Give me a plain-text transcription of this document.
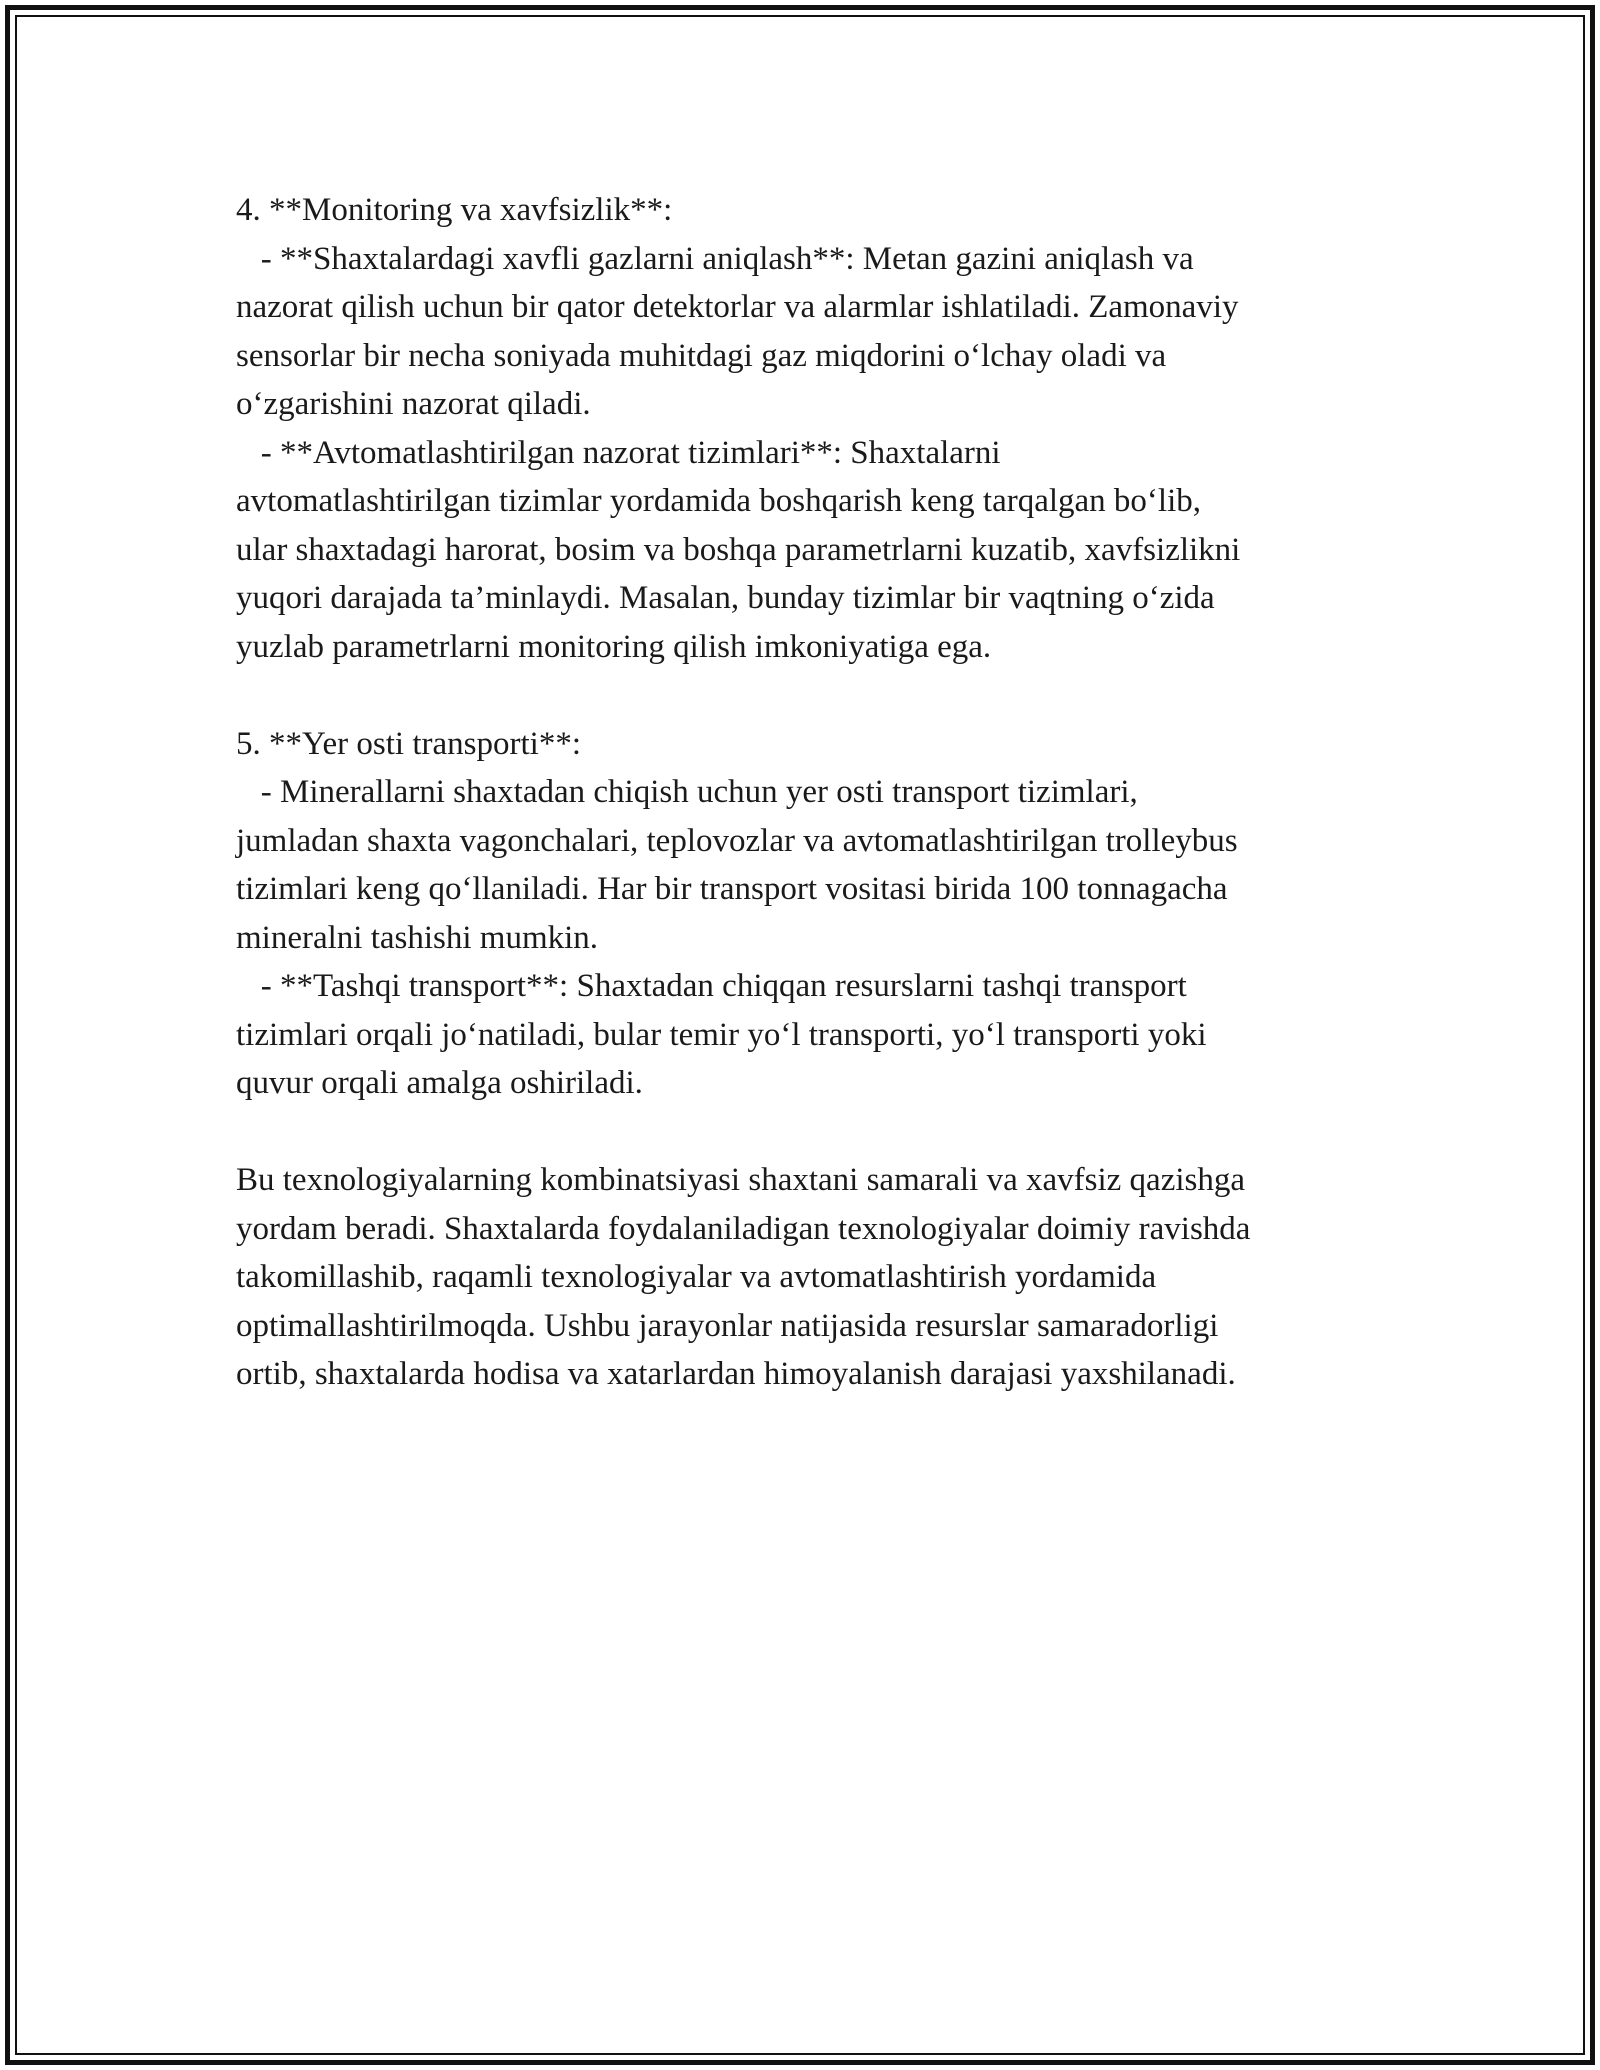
4. **Monitoring va xavfsizlik**:
- **Shaxtalardagi xavfli gazlarni aniqlash**: Metan gazini aniqlash va
nazorat qilish uchun bir qator detektorlar va alarmlar ishlatiladi. Zamonaviy
sensorlar bir necha soniyada muhitdagi gaz miqdorini o‘lchay oladi va
o‘zgarishini nazorat qiladi.
- **Avtomatlashtirilgan nazorat tizimlari**: Shaxtalarni
avtomatlashtirilgan tizimlar yordamida boshqarish keng tarqalgan bo‘lib,
ular shaxtadagi harorat, bosim va boshqa parametrlarni kuzatib, xavfsizlikni
yuqori darajada ta’minlaydi. Masalan, bunday tizimlar bir vaqtning o‘zida
yuzlab parametrlarni monitoring qilish imkoniyatiga ega.
5. **Yer osti transporti**:
- Minerallarni shaxtadan chiqish uchun yer osti transport tizimlari,
jumladan shaxta vagonchalari, teplovozlar va avtomatlashtirilgan trolleybus
tizimlari keng qo‘llaniladi. Har bir transport vositasi birida 100 tonnagacha
mineralni tashishi mumkin.
- **Tashqi transport**: Shaxtadan chiqqan resurslarni tashqi transport
tizimlari orqali jo‘natiladi, bular temir yo‘l transporti, yo‘l transporti yoki
quvur orqali amalga oshiriladi.
Bu texnologiyalarning kombinatsiyasi shaxtani samarali va xavfsiz qazishga
yordam beradi. Shaxtalarda foydalaniladigan texnologiyalar doimiy ravishda
takomillashib, raqamli texnologiyalar va avtomatlashtirish yordamida
optimallashtirilmoqda. Ushbu jarayonlar natijasida resurslar samaradorligi
ortib, shaxtalarda hodisa va xatarlardan himoyalanish darajasi yaxshilanadi.
